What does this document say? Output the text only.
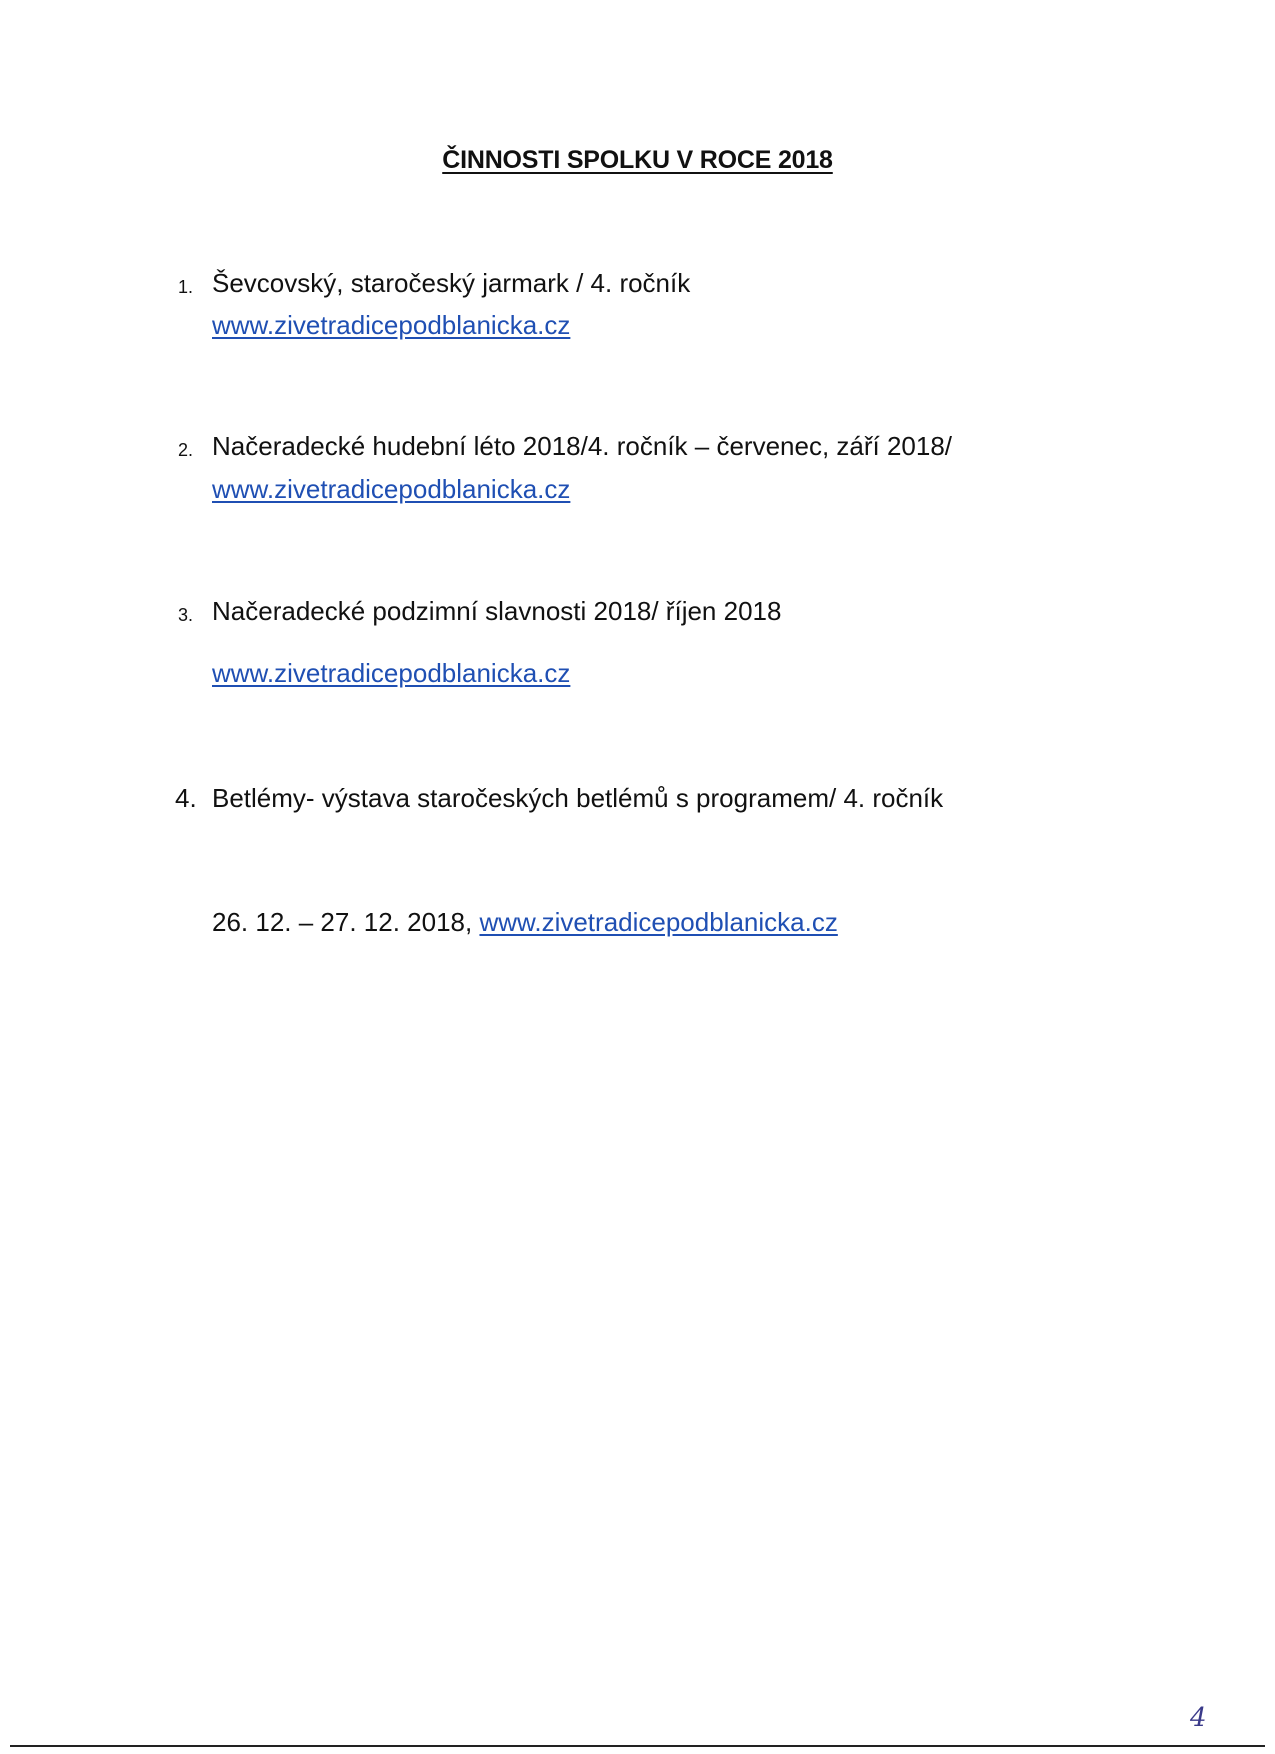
ČINNOSTI SPOLKU V ROCE 2018
1. Ševcovský, staročeský jarmark / 4. ročník
www.zivetradicepodblanicka.cz
2. Načeradecké hudební léto 2018/4. ročník – červenec, září 2018/
www.zivetradicepodblanicka.cz
3. Načeradecké podzimní slavnosti 2018/ říjen 2018
www.zivetradicepodblanicka.cz
4. Betlémy- výstava staročeských betlémů s programem/ 4. ročník
26. 12. – 27. 12. 2018, www.zivetradicepodblanicka.cz
4
